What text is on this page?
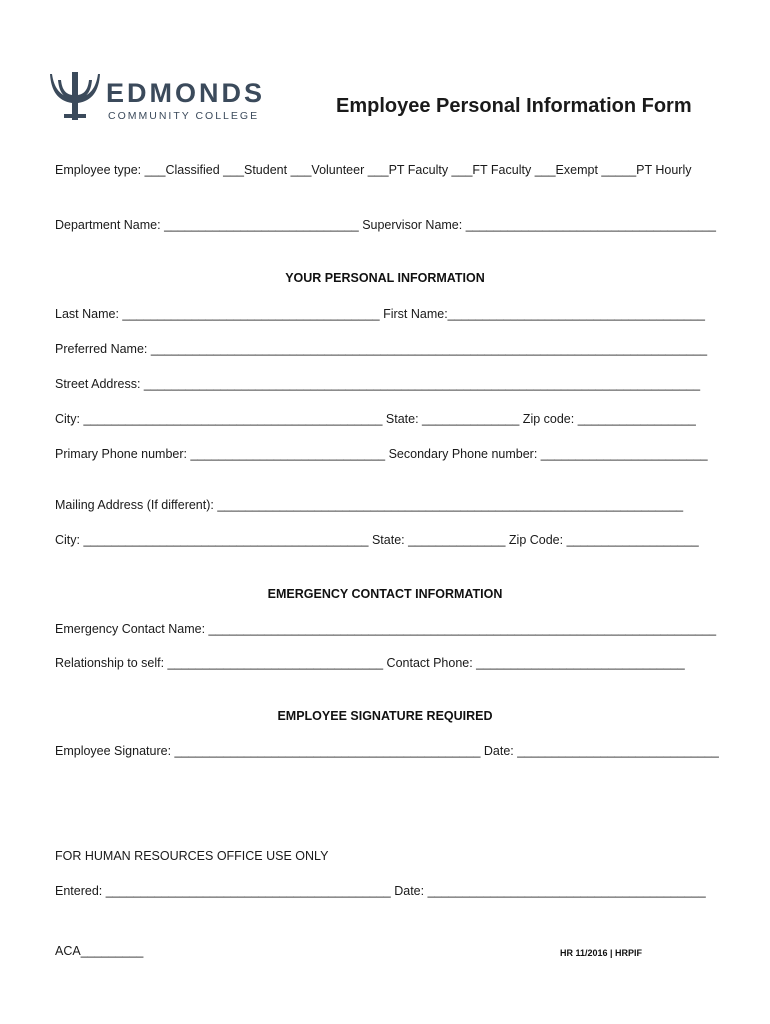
EDMONDS
COMMUNITY COLLEGE	Employee Personal Information Form
Employee type: ___Classified ___Student ___Volunteer ___PT Faculty ___FT Faculty ___Exempt _____PT Hourly
Department Name: ____________________________ Supervisor Name: ____________________________________
YOUR PERSONAL INFORMATION
Last Name: _____________________________________ First Name:_____________________________________
Preferred Name: ________________________________________________________________________________
Street Address: ________________________________________________________________________________
City: ___________________________________________ State: ______________ Zip code: _________________
Primary Phone number: ____________________________ Secondary Phone number: ________________________
Mailing Address (If different): ___________________________________________________________________
City: _________________________________________ State: ______________ Zip Code: ___________________
EMERGENCY CONTACT INFORMATION
Emergency Contact Name: _________________________________________________________________________
Relationship to self: _______________________________ Contact Phone: ______________________________
EMPLOYEE SIGNATURE REQUIRED
Employee Signature: ____________________________________________ Date: _____________________________
FOR HUMAN RESOURCES OFFICE USE ONLY
Entered: _________________________________________ Date: ________________________________________
ACA_________	HR 11/2016 | HRPIF
